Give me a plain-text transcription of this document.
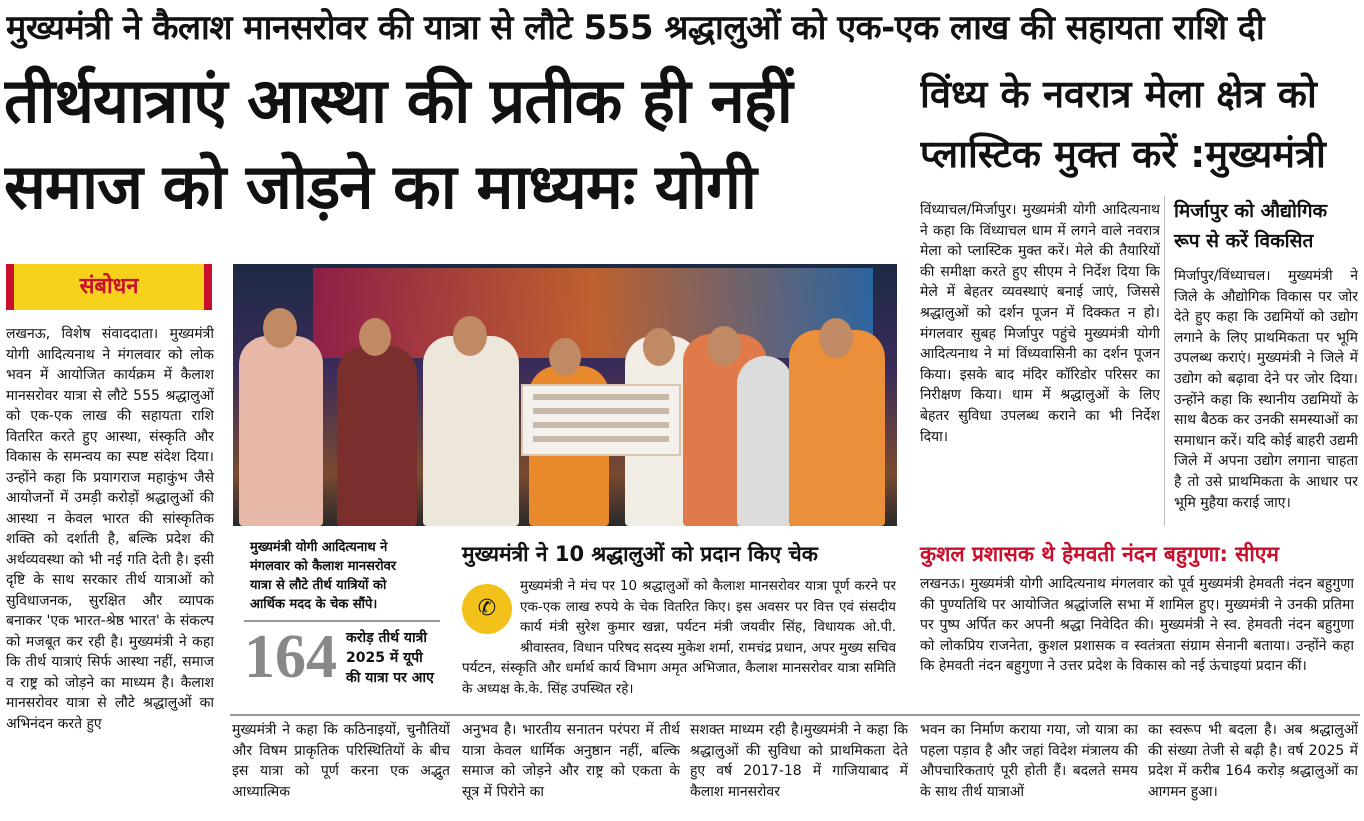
मुख्यमंत्री ने कैलाश मानसरोवर की यात्रा से लौटे 555 श्रद्धालुओं को एक-एक लाख की सहायता राशि दी
तीर्थयात्राएं आस्था की प्रतीक ही नहीं समाज को जोड़ने का माध्यमः योगी
विंध्य के नवरात्र मेला क्षेत्र को प्लास्टिक मुक्त करें :मुख्यमंत्री
संबोधन
लखनऊ, विशेष संवाददाता। मुख्यमंत्री योगी आदित्यनाथ ने मंगलवार को लोक भवन में आयोजित कार्यक्रम में कैलाश मानसरोवर यात्रा से लौटे 555 श्रद्धालुओं को एक-एक लाख की सहायता राशि वितरित करते हुए आस्था, संस्कृति और विकास के समन्वय का स्पष्ट संदेश दिया। उन्होंने कहा कि प्रयागराज महाकुंभ जैसे आयोजनों में उमड़ी करोड़ों श्रद्धालुओं की आस्था न केवल भारत की सांस्कृतिक शक्ति को दर्शाती है, बल्कि प्रदेश की अर्थव्यवस्था को भी नई गति देती है। इसी दृष्टि के साथ सरकार तीर्थ यात्राओं को सुविधाजनक, सुरक्षित और व्यापक बनाकर 'एक भारत-श्रेष्ठ भारत' के संकल्प को मजबूत कर रही है। मुख्यमंत्री ने कहा कि तीर्थ यात्राएं सिर्फ आस्था नहीं, समाज व राष्ट्र को जोड़ने का माध्यम है। कैलाश मानसरोवर यात्रा से लौटे श्रद्धालुओं का अभिनंदन करते हुए
मुख्यमंत्री योगी आदित्यनाथ ने मंगलवार को कैलाश मानसरोवर यात्रा से लौटे तीर्थ यात्रियों को आर्थिक मदद के चेक सौंपे।
164 करोड़ तीर्थ यात्री 2025 में यूपी की यात्रा पर आए
मुख्यमंत्री ने 10 श्रद्धालुओं को प्रदान किए चेक
✆
मुख्यमंत्री ने मंच पर 10 श्रद्धालुओं को कैलाश मानसरोवर यात्रा पूर्ण करने पर एक-एक लाख रुपये के चेक वितरित किए। इस अवसर पर वित्त एवं संसदीय कार्य मंत्री सुरेश कुमार खन्ना, पर्यटन मंत्री जयवीर सिंह, विधायक ओ.पी. श्रीवास्तव, विधान परिषद सदस्य मुकेश शर्मा, रामचंद्र प्रधान, अपर मुख्य सचिव पर्यटन, संस्कृति और धर्मार्थ कार्य विभाग अमृत अभिजात, कैलाश मानसरोवर यात्रा समिति के अध्यक्ष के.के. सिंह उपस्थित रहे।
विंध्याचल/मिर्जापुर। मुख्यमंत्री योगी आदित्यनाथ ने कहा कि विंध्याचल धाम में लगने वाले नवरात्र मेला को प्लास्टिक मुक्त करें। मेले की तैयारियों की समीक्षा करते हुए सीएम ने निर्देश दिया कि मेले में बेहतर व्यवस्थाएं बनाई जाएं, जिससे श्रद्धालुओं को दर्शन पूजन में दिक्कत न हो। मंगलवार सुबह मिर्जापुर पहुंचे मुख्यमंत्री योगी आदित्यनाथ ने मां विंध्यवासिनी का दर्शन पूजन किया। इसके बाद मंदिर कॉरिडोर परिसर का निरीक्षण किया। धाम में श्रद्धालुओं के लिए बेहतर सुविधा उपलब्ध कराने का भी निर्देश दिया।
मिर्जापुर को औद्योगिक रूप से करें विकसित
मिर्जापुर/विंध्याचल। मुख्यमंत्री ने जिले के औद्योगिक विकास पर जोर देते हुए कहा कि उद्यमियों को उद्योग लगाने के लिए प्राथमिकता पर भूमि उपलब्ध कराएं। मुख्यमंत्री ने जिले में उद्योग को बढ़ावा देने पर जोर दिया। उन्होंने कहा कि स्थानीय उद्यमियों के साथ बैठक कर उनकी समस्याओं का समाधान करें। यदि कोई बाहरी उद्यमी जिले में अपना उद्योग लगाना चाहता है तो उसे प्राथमिकता के आधार पर भूमि मुहैया कराई जाए।
कुशल प्रशासक थे हेमवती नंदन बहुगुणा: सीएम
लखनऊ। मुख्यमंत्री योगी आदित्यनाथ मंगलवार को पूर्व मुख्यमंत्री हेमवती नंदन बहुगुणा की पुण्यतिथि पर आयोजित श्रद्धांजलि सभा में शामिल हुए। मुख्यमंत्री ने उनकी प्रतिमा पर पुष्प अर्पित कर अपनी श्रद्धा निवेदित की। मुख्यमंत्री ने स्व. हेमवती नंदन बहुगुणा को लोकप्रिय राजनेता, कुशल प्रशासक व स्वतंत्रता संग्राम सेनानी बताया। उन्होंने कहा कि हेमवती नंदन बहुगुणा ने उत्तर प्रदेश के विकास को नई ऊंचाइयां प्रदान कीं।
मुख्यमंत्री ने कहा कि कठिनाइयों, चुनौतियों और विषम प्राकृतिक परिस्थितियों के बीच इस यात्रा को पूर्ण करना एक अद्भुत आध्यात्मिक
अनुभव है। भारतीय सनातन परंपरा में तीर्थ यात्रा केवल धार्मिक अनुष्ठान नहीं, बल्कि समाज को जोड़ने और राष्ट्र को एकता के सूत्र में पिरोने का
सशक्त माध्यम रही है।मुख्यमंत्री ने कहा कि श्रद्धालुओं की सुविधा को प्राथमिकता देते हुए वर्ष 2017-18 में गाजियाबाद में कैलाश मानसरोवर
भवन का निर्माण कराया गया, जो यात्रा का पहला पड़ाव है और जहां विदेश मंत्रालय की औपचारिकताएं पूरी होती हैं। बदलते समय के साथ तीर्थ यात्राओं
का स्वरूप भी बदला है। अब श्रद्धालुओं की संख्या तेजी से बढ़ी है। वर्ष 2025 में प्रदेश में करीब 164 करोड़ श्रद्धालुओं का आगमन हुआ।
